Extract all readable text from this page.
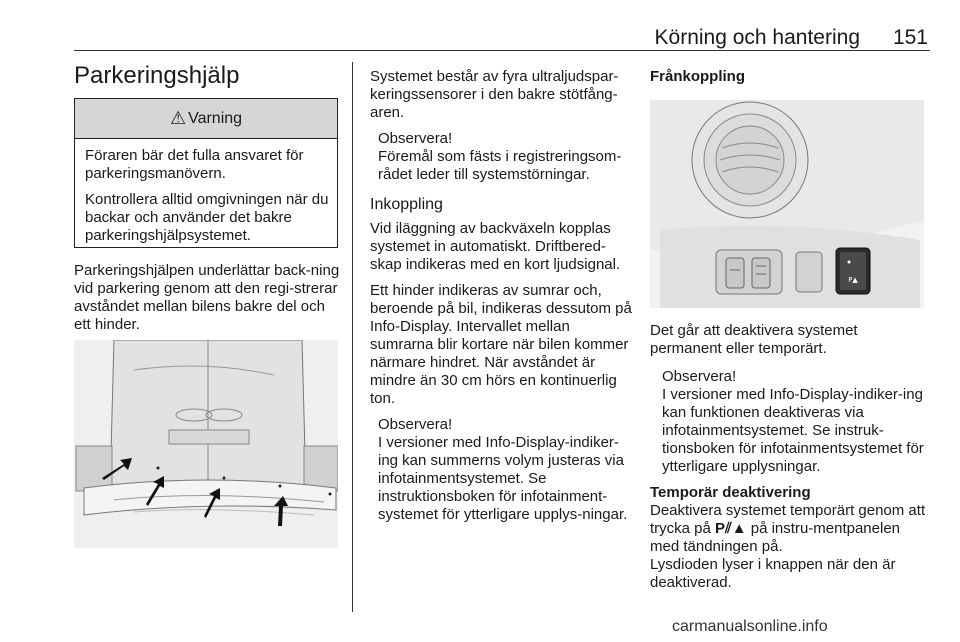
Körning och hantering	151
Parkeringshjälp
⚠ Varning

Föraren bär det fulla ansvaret för parkeringsmanövern.

Kontrollera alltid omgivningen när du backar och använder det bakre parkeringshjälpsystemet.

Parkeringshjälpen underlättar back-ning vid parkering genom att den regi-strerar avståndet mellan bilens bakre del och ett hinder.

Systemet består av fyra ultraljudspar-keringssensorer i den bakre stötfång-aren.

Observera!

Föremål som fästs i registreringsom-rådet leder till systemstörningar.

Inkoppling

Vid iläggning av backväxeln kopplas systemet in automatiskt. Driftbered-skap indikeras med en kort ljudsignal.

Ett hinder indikeras av sumrar och, beroende på bil, indikeras dessutom på Info-Display. Intervallet mellan sumrarna blir kortare när bilen kommer närmare hindret. När avståndet är mindre än 30 cm hörs en kontinuerlig ton.

Observera!

I versioner med Info-Display-indiker-ing kan summerns volym justeras via infotainmentsystemet. Se instruktionsboken för infotainment-systemet för ytterligare upplys-ningar.

Frånkoppling
P▲

Det går att deaktivera systemet permanent eller temporärt.

Observera!

I versioner med Info-Display-indiker-ing kan funktionen deaktiveras via infotainmentsystemet. Se instruk-tionsboken för infotainmentsystemet för ytterligare upplysningar.

Temporär deaktivering

Deaktivera systemet temporärt genom att trycka på P⫽▲ på instru-mentpanelen med tändningen på.

Lysdioden lyser i knappen när den är deaktiverad.

carmanualsonline.info
